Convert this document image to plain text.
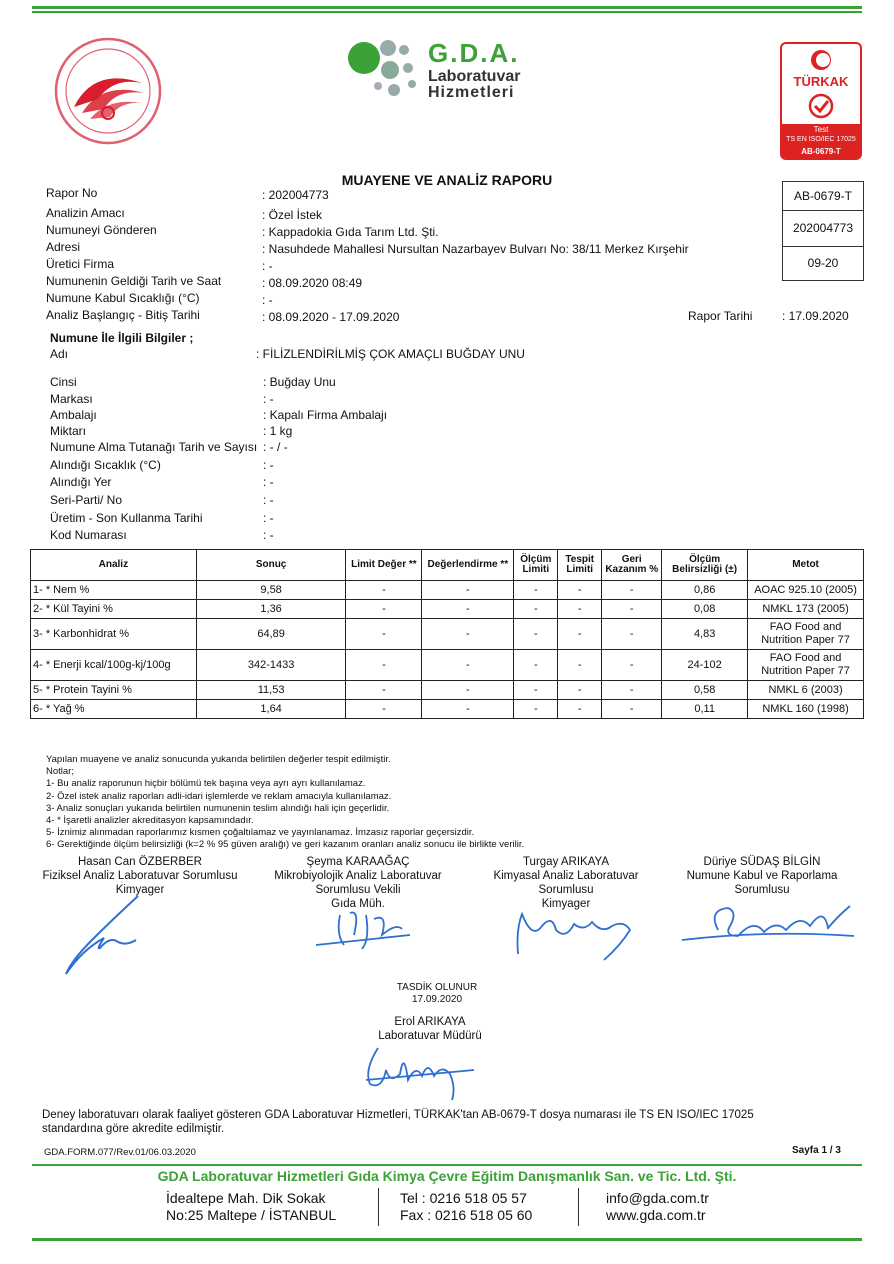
G.D.A.
Laboratuvar
Hizmetleri
TÜRKAK
Test
TS EN ISO/IEC 17025
AB-0679-T
MUAYENE VE ANALİZ RAPORU
AB-0679-T
202004773
09-20
Rapor No	: 202004773
Analizin Amacı	: Özel İstek
Numuneyi Gönderen	: Kappadokia Gıda Tarım Ltd. Şti.
Adresi	: Nasuhdede Mahallesi Nursultan Nazarbayev Bulvarı No: 38/11 Merkez Kırşehir
Üretici Firma	: -
Numunenin Geldiği Tarih ve Saat	: 08.09.2020 08:49
Numune Kabul Sıcaklığı (°C)	: -
Analiz Başlangıç - Bitiş Tarihi	: 08.09.2020 - 17.09.2020	Rapor Tarihi : 17.09.2020
Numune İle İlgili Bilgiler ;
Adı	: FİLİZLENDİRİLMİŞ ÇOK AMAÇLI BUĞDAY UNU
Cinsi	: Buğday Unu
Markası	: -
Ambalajı	: Kapalı Firma Ambalajı
Miktarı	: 1 kg
Numune Alma Tutanağı Tarih ve Sayısı : - / -
Alındığı Sıcaklık (°C)	: -
Alındığı Yer	: -
Seri-Parti/ No	: -
Üretim - Son Kullanma Tarihi	: -
Kod Numarası	: -
Analiz	Sonuç	Limit Değer **	Değerlendirme **	Ölçüm Limiti	Tespit Limiti	Geri Kazanım %	Ölçüm Belirsizliği (±)	Metot
1- * Nem %	9,58	-	-	-	-	-	0,86	AOAC 925.10 (2005)
2- * Kül Tayini %	1,36	-	-	-	-	-	0,08	NMKL 173 (2005)
3- * Karbonhidrat %	64,89	-	-	-	-	-	4,83	FAO Food and Nutrition Paper 77
4- * Enerji kcal/100g-kj/100g	342-1433	-	-	-	-	-	24-102	FAO Food and Nutrition Paper 77
5- * Protein Tayini %	11,53	-	-	-	-	-	0,58	NMKL 6 (2003)
6- * Yağ %	1,64	-	-	-	-	-	0,11	NMKL 160 (1998)
Yapılan muayene ve analiz sonucunda yukarıda belirtilen değerler tespit edilmiştir.
Notlar;
1- Bu analiz raporunun hiçbir bölümü tek başına veya ayrı ayrı kullanılamaz.
2- Özel istek analiz raporları adli-idari işlemlerde ve reklam amacıyla kullanılamaz.
3- Analiz sonuçları yukarıda belirtilen numunenin teslim alındığı hali için geçerlidir.
4- * İşaretli analizler akreditasyon kapsamındadır.
5- İznimiz alınmadan raporlarımız kısmen çoğaltılamaz ve yayınlanamaz. İmzasız raporlar geçersizdir.
6- Gerektiğinde ölçüm belirsizliği (k=2 % 95 güven aralığı) ve geri kazanım oranları analiz sonucu ile birlikte verilir.
Hasan Can ÖZBERBER
Fiziksel Analiz Laboratuvar Sorumlusu
Kimyager
Şeyma KARAAĞAÇ
Mikrobiyolojik Analiz Laboratuvar
Sorumlusu Vekili
Gıda Müh.
Turgay ARIKAYA
Kimyasal Analiz Laboratuvar
Sorumlusu
Kimyager
Düriye SÜDAŞ BİLGİN
Numune Kabul ve Raporlama
Sorumlusu
TASDİK OLUNUR
17.09.2020
Erol ARIKAYA
Laboratuvar Müdürü
Deney laboratuvarı olarak faaliyet gösteren GDA Laboratuvar Hizmetleri, TÜRKAK'tan AB-0679-T dosya numarası ile TS EN ISO/IEC 17025
standardına göre akredite edilmiştir.
GDA.FORM.077/Rev.01/06.03.2020	Sayfa 1 / 3
GDA Laboratuvar Hizmetleri Gıda Kimya Çevre Eğitim Danışmanlık San. ve Tic. Ltd. Şti.
İdealtepe Mah. Dik Sokak
No:25 Maltepe / İSTANBUL
Tel : 0216 518 05 57
Fax : 0216 518 05 60
info@gda.com.tr
www.gda.com.tr
